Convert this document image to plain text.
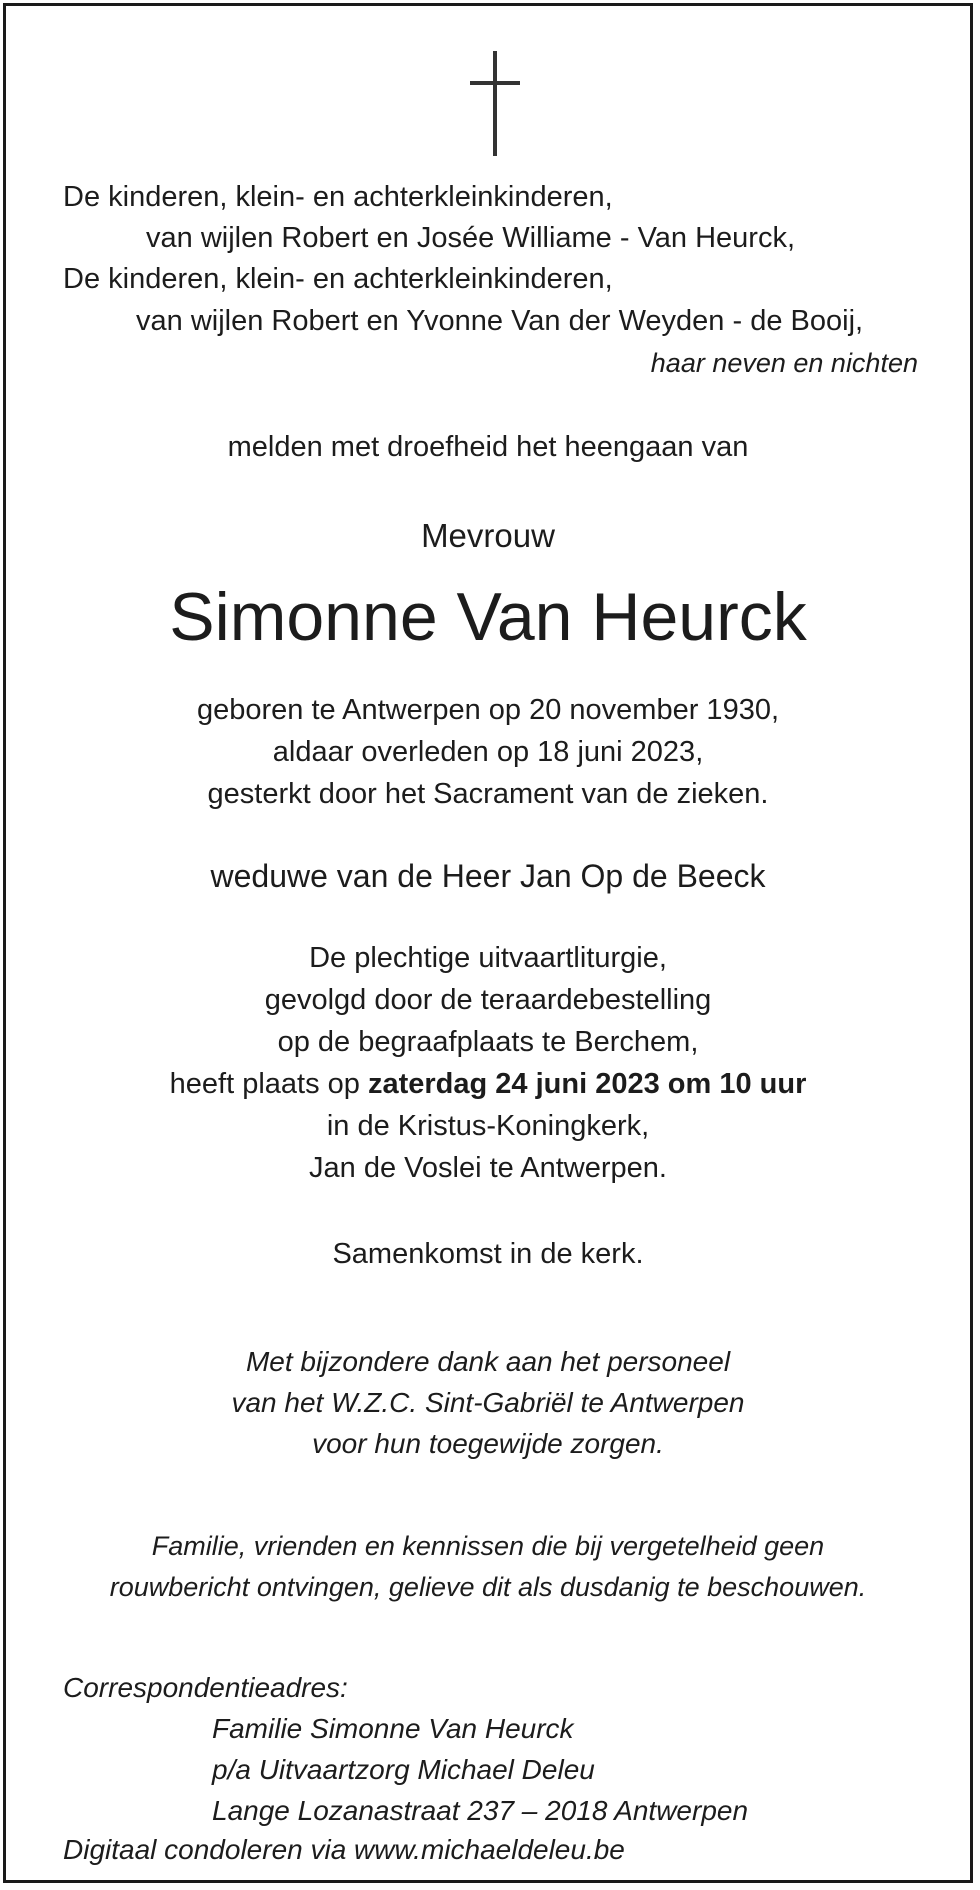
De kinderen, klein- en achterkleinkinderen,
van wijlen Robert en Josée Williame - Van Heurck,
De kinderen, klein- en achterkleinkinderen,
van wijlen Robert en Yvonne Van der Weyden - de Booij,
haar neven en nichten
melden met droefheid het heengaan van
Mevrouw
Simonne Van Heurck
geboren te Antwerpen op 20 november 1930,
aldaar overleden op 18 juni 2023,
gesterkt door het Sacrament van de zieken.
weduwe van de Heer Jan Op de Beeck
De plechtige uitvaartliturgie,
gevolgd door de teraardebestelling
op de begraafplaats te Berchem,
heeft plaats op zaterdag 24 juni 2023 om 10 uur
in de Kristus-Koningkerk,
Jan de Voslei te Antwerpen.
Samenkomst in de kerk.
Met bijzondere dank aan het personeel
van het W.Z.C. Sint-Gabriël te Antwerpen
voor hun toegewijde zorgen.
Familie, vrienden en kennissen die bij vergetelheid geen
rouwbericht ontvingen, gelieve dit als dusdanig te beschouwen.
Correspondentieadres:
Familie Simonne Van Heurck
p/a Uitvaartzorg Michael Deleu
Lange Lozanastraat 237 – 2018 Antwerpen
Digitaal condoleren via www.michaeldeleu.be
